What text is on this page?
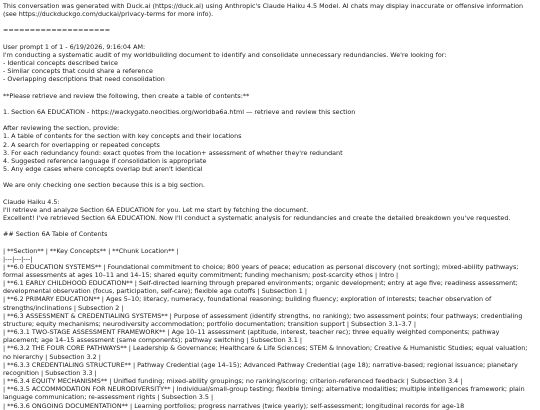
This conversation was generated with Duck.ai (https://duck.ai) using Anthropic's Claude Haiku 4.5 Model. AI chats may display inaccurate or offensive information (see https://duckduckgo.com/duckai/privacy-terms for more info).
====================
User prompt 1 of 1 - 6/19/2026, 9:16:04 AM:
I'm conducting a systematic audit of my worldbuilding document to identify and consolidate unnecessary redundancies. We're looking for:
- Identical concepts described twice
- Similar concepts that could share a reference
- Overlapping descriptions that need consolidation
**Please retrieve and review the following, then create a table of contents:**
1. Section 6A EDUCATION - https://wackygato.neocities.org/worldba6a.html — retrieve and review this section
After reviewing the section, provide:
1. A table of contents for the section with key concepts and their locations
2. A search for overlapping or repeated concepts
3. For each redundancy found: exact quotes from the location+ assessment of whether they're redundant
4. Suggested reference language if consolidation is appropriate
5. Any edge cases where concepts overlap but aren't identical
We are only checking one section because this is a big section.
Claude Haiku 4.5:
I'll retrieve and analyze Section 6A EDUCATION for you. Let me start by fetching the document.
Excellent! I've retrieved Section 6A EDUCATION. Now I'll conduct a systematic analysis for redundancies and create the detailed breakdown you've requested.
## Section 6A Table of Contents
| **Section** | **Key Concepts** | **Chunk Location** |
|---|---|---|
| **6.0 EDUCATION SYSTEMS** | Foundational commitment to choice; 800 years of peace; education as personal discovery (not sorting); mixed-ability pathways; formal assessments at ages 10–11 and 14–15; shared equity commitment; funding mechanism; post-scarcity ethos | Intro |
| **6.1 EARLY CHILDHOOD EDUCATION** | Self-directed learning through prepared environments; organic development; entry at age five; readiness assessment; developmental observation (focus, participation, self-care); flexible age cutoffs | Subsection 1 |
| **6.2 PRIMARY EDUCATION** | Ages 5–10; literacy, numeracy, foundational reasoning; building fluency; exploration of interests; teacher observation of strengths/inclinations | Subsection 2 |
| **6.3 ASSESSMENT & CREDENTIALING SYSTEMS** | Purpose of assessment (identify strengths, no ranking); two assessment points; four pathways; credentialing structure; equity mechanisms; neurodiversity accommodation; portfolio documentation; transition support | Subsection 3.1–3.7 |
| **6.3.1 TWO-STAGE ASSESSMENT FRAMEWORK** | Age 10–11 assessment (aptitude, interest, teacher rec); three equally weighted components; pathway placement; age 14–15 assessment (same components); pathway switching | Subsection 3.1 |
| **6.3.2 THE FOUR CORE PATHWAYS** | Leadership & Governance; Healthcare & Life Sciences; STEM & Innovation; Creative & Humanistic Studies; equal valuation; no hierarchy | Subsection 3.2 |
| **6.3.3 CREDENTIALING STRUCTURE** | Pathway Credential (age 14–15); Advanced Pathway Credential (age 18); narrative-based; regional issuance; planetary recognition | Subsection 3.3 |
| **6.3.4 EQUITY MECHANISMS** | Unified funding; mixed-ability groupings; no ranking/scoring; criterion-referenced feedback | Subsection 3.4 |
| **6.3.5 ACCOMMODATION FOR NEURODIVERSITY** | Individual/small-group testing; flexible timing; alternative modalities; multiple intelligences framework; plain language communication; re-assessment rights | Subsection 3.5 |
| **6.3.6 ONGOING DOCUMENTATION** | Learning portfolios; progress narratives (twice yearly); self-assessment; longitudinal records for age-18
